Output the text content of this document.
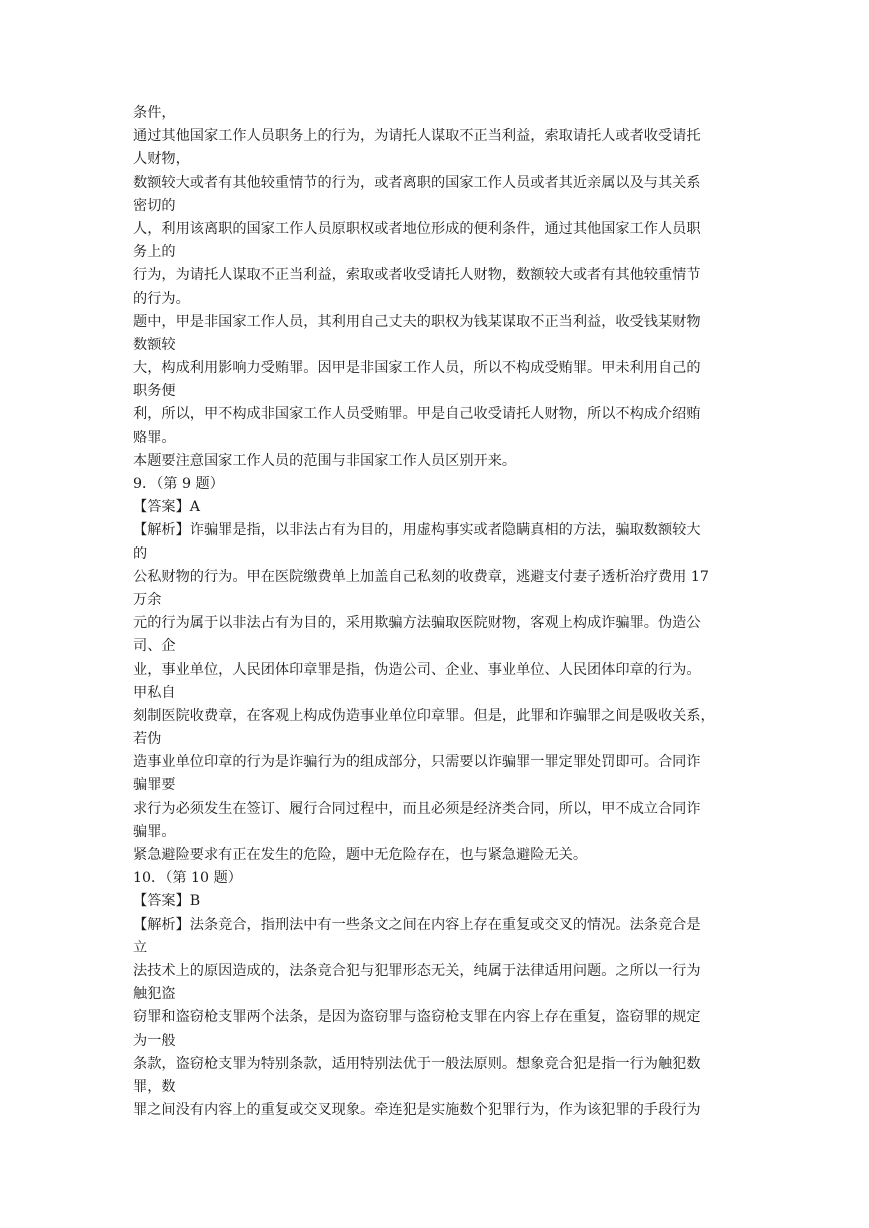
条件，
通过其他国家工作人员职务上的行为，为请托人谋取不正当利益，索取请托人或者收受请托
人财物，
数额较大或者有其他较重情节的行为，或者离职的国家工作人员或者其近亲属以及与其关系
密切的
人，利用该离职的国家工作人员原职权或者地位形成的便利条件，通过其他国家工作人员职
务上的
行为，为请托人谋取不正当利益，索取或者收受请托人财物，数额较大或者有其他较重情节
的行为。
题中，甲是非国家工作人员，其利用自己丈夫的职权为钱某谋取不正当利益，收受钱某财物
数额较
大，构成利用影响力受贿罪。因甲是非国家工作人员，所以不构成受贿罪。甲未利用自己的
职务便
利，所以，甲不构成非国家工作人员受贿罪。甲是自己收受请托人财物，所以不构成介绍贿
赂罪。
本题要注意国家工作人员的范围与非国家工作人员区别开来。
9．（第 9 题）
【答案】A
【解析】诈骗罪是指，以非法占有为目的，用虚构事实或者隐瞒真相的方法，骗取数额较大
的
公私财物的行为。甲在医院缴费单上加盖自己私刻的收费章，逃避支付妻子透析治疗费用 17
万余
元的行为属于以非法占有为目的，采用欺骗方法骗取医院财物，客观上构成诈骗罪。伪造公
司、企
业，事业单位，人民团体印章罪是指，伪造公司、企业、事业单位、人民团体印章的行为。
甲私自
刻制医院收费章，在客观上构成伪造事业单位印章罪。但是，此罪和诈骗罪之间是吸收关系，
若伪
造事业单位印章的行为是诈骗行为的组成部分，只需要以诈骗罪一罪定罪处罚即可。合同诈
骗罪要
求行为必须发生在签订、履行合同过程中，而且必须是经济类合同，所以，甲不成立合同诈
骗罪。
紧急避险要求有正在发生的危险，题中无危险存在，也与紧急避险无关。
10．（第 10 题）
【答案】B
【解析】法条竞合，指刑法中有一些条文之间在内容上存在重复或交叉的情况。法条竞合是
立
法技术上的原因造成的，法条竞合犯与犯罪形态无关，纯属于法律适用问题。之所以一行为
触犯盗
窃罪和盗窃枪支罪两个法条，是因为盗窃罪与盗窃枪支罪在内容上存在重复，盗窃罪的规定
为一般
条款，盗窃枪支罪为特别条款，适用特别法优于一般法原则。想象竞合犯是指一行为触犯数
罪，数
罪之间没有内容上的重复或交叉现象。牵连犯是实施数个犯罪行为，作为该犯罪的手段行为
